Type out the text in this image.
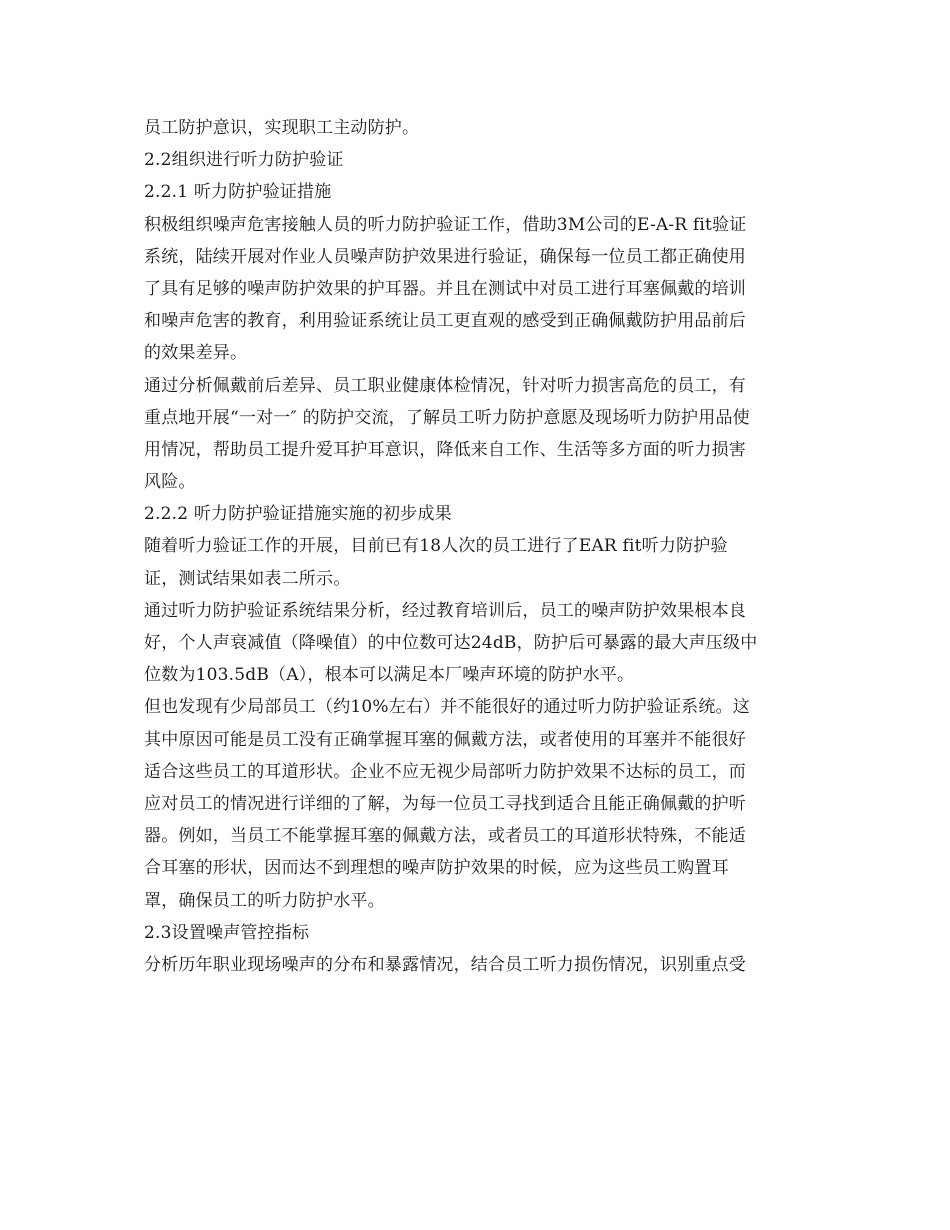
员工防护意识，实现职工主动防护。
2.2组织进行听力防护验证
2.2.1 听力防护验证措施
积极组织噪声危害接触人员的听力防护验证工作，借助3M公司的E-A-R fit验证
系统，陆续开展对作业人员噪声防护效果进行验证，确保每一位员工都正确使用
了具有足够的噪声防护效果的护耳器。并且在测试中对员工进行耳塞佩戴的培训
和噪声危害的教育，利用验证系统让员工更直观的感受到正确佩戴防护用品前后
的效果差异。
通过分析佩戴前后差异、员工职业健康体检情况，针对听力损害高危的员工，有
重点地开展“一对一″ 的防护交流，了解员工听力防护意愿及现场听力防护用品使
用情况，帮助员工提升爱耳护耳意识，降低来自工作、生活等多方面的听力损害
风险。
2.2.2 听力防护验证措施实施的初步成果
随着听力验证工作的开展，目前已有18人次的员工进行了EAR fit听力防护验
证，测试结果如表二所示。
通过听力防护验证系统结果分析，经过教育培训后，员工的噪声防护效果根本良
好，个人声衰减值（降噪值）的中位数可达24dB，防护后可暴露的最大声压级中
位数为103.5dB（A），根本可以满足本厂噪声环境的防护水平。
但也发现有少局部员工（约10%左右）并不能很好的通过听力防护验证系统。这
其中原因可能是员工没有正确掌握耳塞的佩戴方法，或者使用的耳塞并不能很好
适合这些员工的耳道形状。企业不应无视少局部听力防护效果不达标的员工，而
应对员工的情况进行详细的了解，为每一位员工寻找到适合且能正确佩戴的护听
器。例如，当员工不能掌握耳塞的佩戴方法，或者员工的耳道形状特殊，不能适
合耳塞的形状，因而达不到理想的噪声防护效果的时候，应为这些员工购置耳
罩，确保员工的听力防护水平。
2.3设置噪声管控指标
分析历年职业现场噪声的分布和暴露情况，结合员工听力损伤情况，识别重点受
